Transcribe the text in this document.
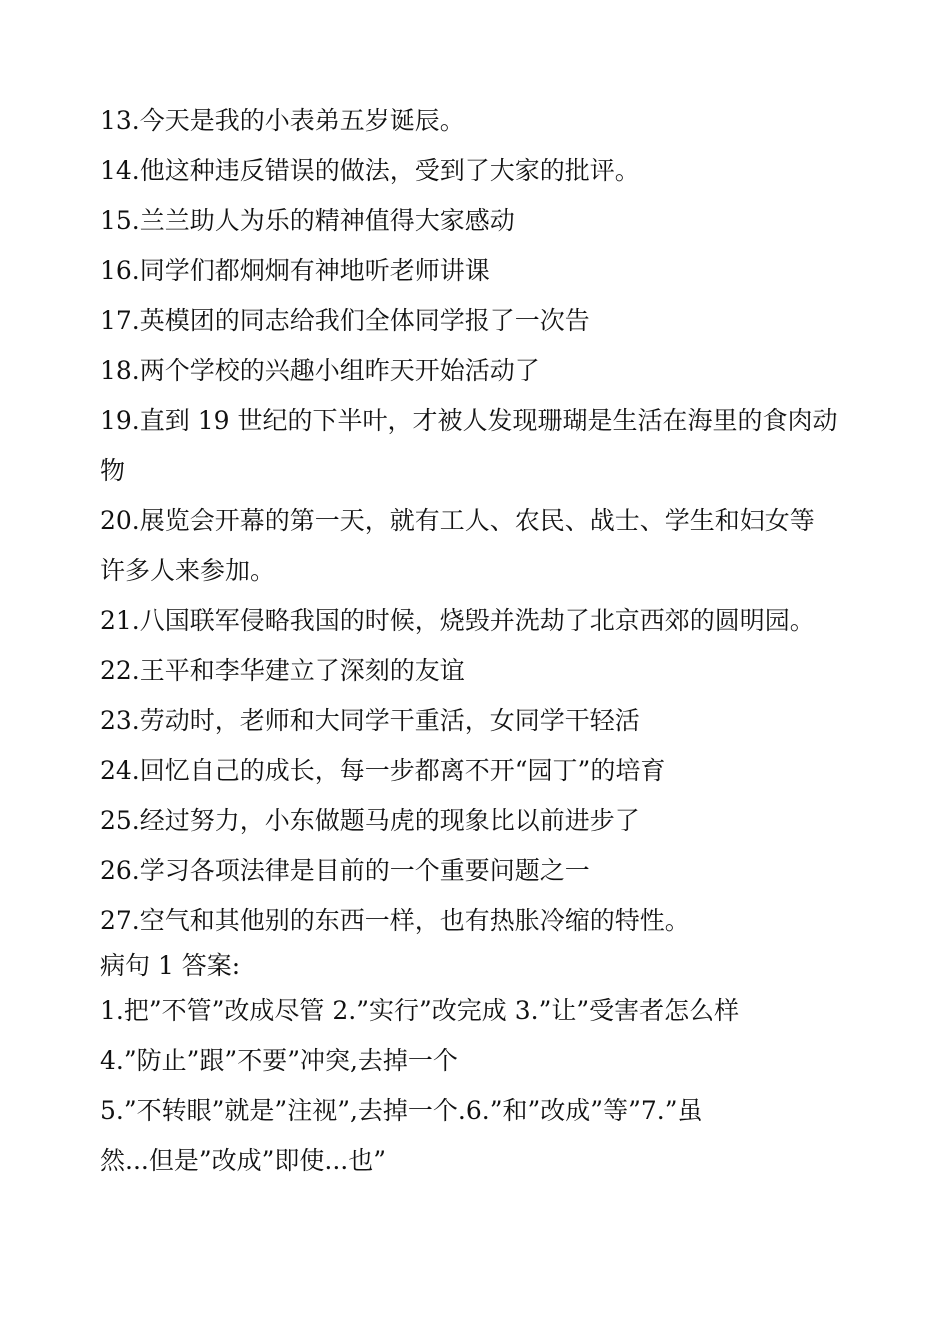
13.今天是我的小表弟五岁诞辰。
14.他这种违反错误的做法，受到了大家的批评。
15.兰兰助人为乐的精神值得大家感动
16.同学们都炯炯有神地听老师讲课
17.英模团的同志给我们全体同学报了一次告
18.两个学校的兴趣小组昨天开始活动了
19.直到 19 世纪的下半叶，才被人发现珊瑚是生活在海里的食肉动
物
20.展览会开幕的第一天，就有工人、农民、战士、学生和妇女等
许多人来参加。
21.八国联军侵略我国的时候，烧毁并洗劫了北京西郊的圆明园。
22.王平和李华建立了深刻的友谊
23.劳动时，老师和大同学干重活，女同学干轻活
24.回忆自己的成长，每一步都离不开“园丁”的培育
25.经过努力，小东做题马虎的现象比以前进步了
26.学习各项法律是目前的一个重要问题之一
27.空气和其他别的东西一样，也有热胀冷缩的特性。
病句 1 答案:
1.把”不管”改成尽管 2.”实行”改完成 3.”让”受害者怎么样
4.”防止”跟”不要”冲突,去掉一个
5.”不转眼”就是”注视”,去掉一个.6.”和”改成”等”7.”虽
然...但是”改成”即使...也”
